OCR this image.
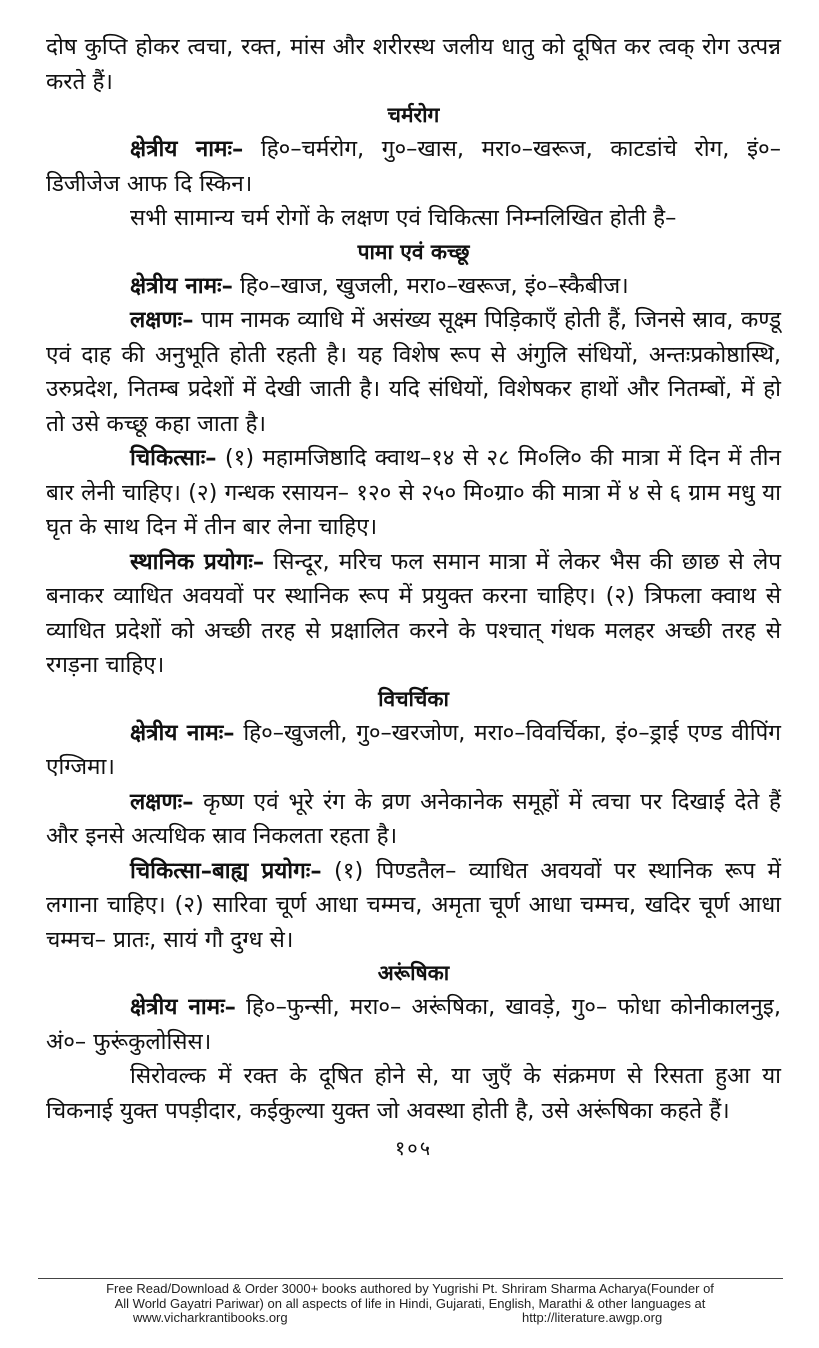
दोष कुप्ति होकर त्वचा, रक्त, मांस और शरीरस्थ जलीय धातु को दूषित कर त्वक् रोग उत्पन्न करते हैं।

चर्मरोग

क्षेत्रीय नामः– हि०–चर्मरोग, गु०–खास, मरा०–खरूज, काटडांचे रोग, इं०–डिजीजेज आफ दि स्किन।

सभी सामान्य चर्म रोगों के लक्षण एवं चिकित्सा निम्नलिखित होती है–

पामा एवं कच्छू

क्षेत्रीय नामः– हि०–खाज, खुजली, मरा०–खरूज, इं०–स्कैबीज।

लक्षणः– पाम नामक व्याधि में असंख्य सूक्ष्म पिड़िकाएँ होती हैं, जिनसे स्राव, कण्डू एवं दाह की अनुभूति होती रहती है। यह विशेष रूप से अंगुलि संधियों, अन्तःप्रकोष्ठास्थि, उरुप्रदेश, नितम्ब प्रदेशों में देखी जाती है। यदि संधियों, विशेषकर हाथों और नितम्बों, में हो तो उसे कच्छू कहा जाता है।

चिकित्साः– (१) महामजिष्ठादि क्वाथ–१४ से २८ मि०लि० की मात्रा में दिन में तीन बार लेनी चाहिए। (२) गन्धक रसायन– १२० से २५० मि०ग्रा० की मात्रा में ४ से ६ ग्राम मधु या घृत के साथ दिन में तीन बार लेना चाहिए।

स्थानिक प्रयोगः– सिन्दूर, मरिच फल समान मात्रा में लेकर भैस की छाछ से लेप बनाकर व्याधित अवयवों पर स्थानिक रूप में प्रयुक्त करना चाहिए। (२) त्रिफला क्वाथ से व्याधित प्रदेशों को अच्छी तरह से प्रक्षालित करने के पश्चात् गंधक मलहर अच्छी तरह से रगड़ना चाहिए।

विचर्चिका

क्षेत्रीय नामः– हि०–खुजली, गु०–खरजोण, मरा०–विवर्चिका, इं०–ड्राई एण्ड वीपिंग एग्जिमा।

लक्षणः– कृष्ण एवं भूरे रंग के व्रण अनेकानेक समूहों में त्वचा पर दिखाई देते हैं और इनसे अत्यधिक स्राव निकलता रहता है।

चिकित्सा–बाह्य प्रयोगः– (१) पिण्डतैल– व्याधित अवयवों पर स्थानिक रूप में लगाना चाहिए। (२) सारिवा चूर्ण आधा चम्मच, अमृता चूर्ण आधा चम्मच, खदिर चूर्ण आधा चम्मच– प्रातः, सायं गौ दुग्ध से।

अरूंषिका

क्षेत्रीय नामः– हि०–फुन्सी, मरा०– अरूंषिका, खावड़े, गु०– फोधा कोनीकालनुइ, अं०– फुरूंकुलोसिस।

सिरोवल्क में रक्त के दूषित होने से, या जुएँ के संक्रमण से रिसता हुआ या चिकनाई युक्त पपड़ीदार, कईकुल्या युक्त जो अवस्था होती है, उसे अरूंषिका कहते हैं।

१०५
Free Read/Download & Order 3000+ books authored by Yugrishi Pt. Shriram Sharma Acharya(Founder of
All World Gayatri Pariwar) on all aspects of life in Hindi, Gujarati, English, Marathi & other languages at
www.vicharkrantibooks.org	http://literature.awgp.org
